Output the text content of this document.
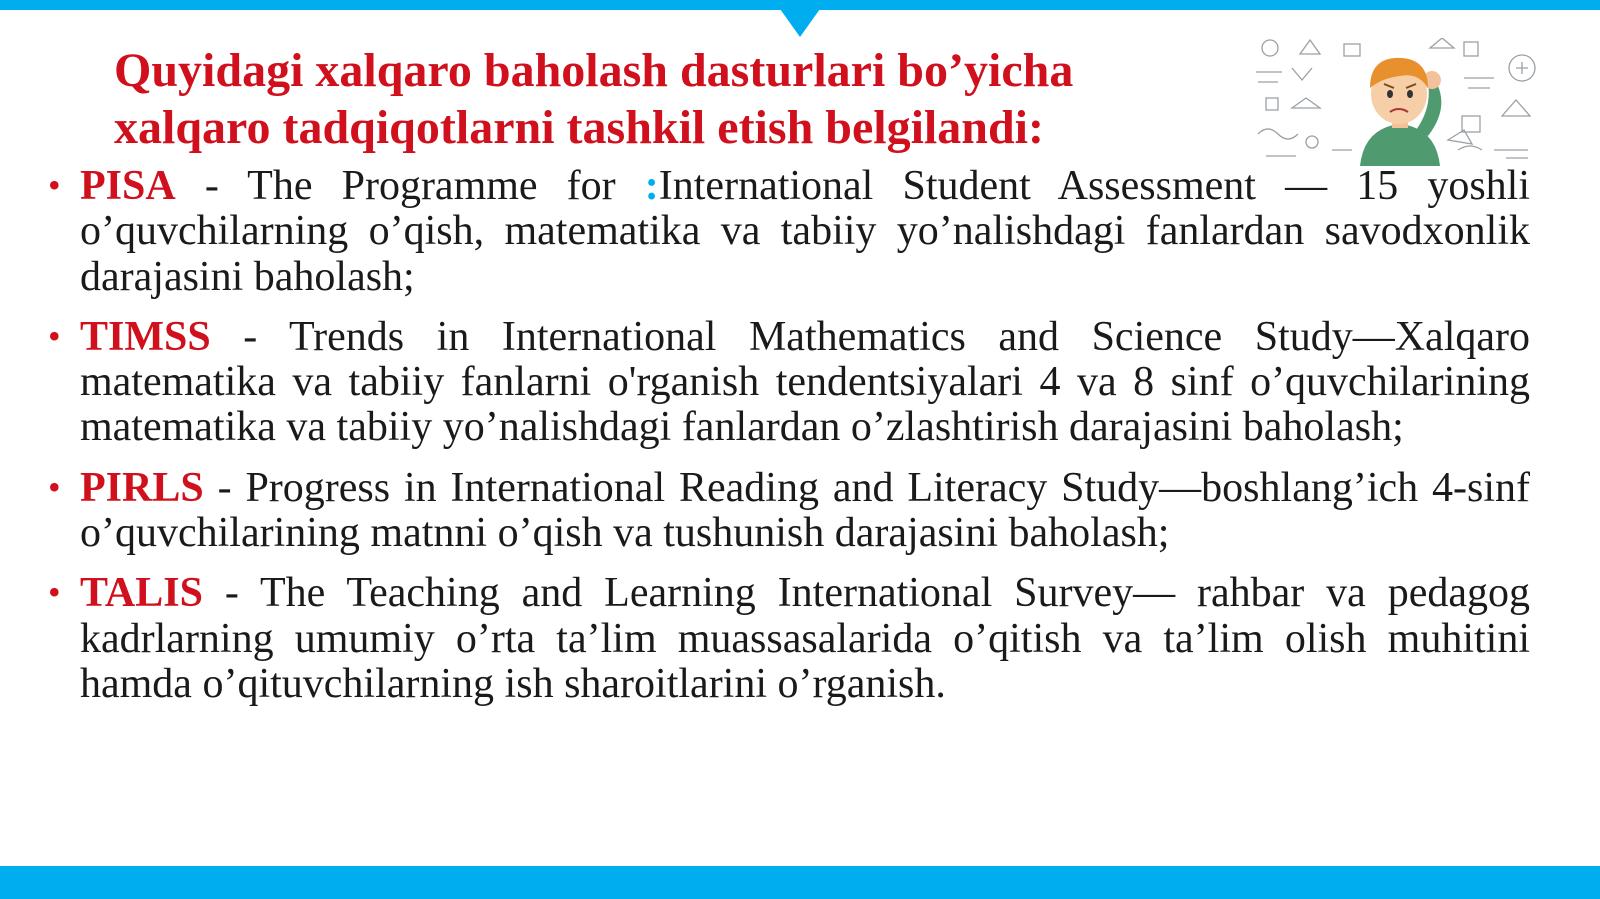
Quyidagi xalqaro baholash dasturlari bo’yicha
xalqaro tadqiqotlarni tashkil etish belgilandi:
• PISA - The Programme for :International Student Assessment — 15 yoshli o’quvchilarning o’qish, matematika va tabiiy yo’nalishdagi fanlardan savodxonlik darajasini baholash;
• TIMSS - Trends in International Mathematics and Science Study—Xalqaro matematika va tabiiy fanlarni o'rganish tendentsiyalari 4 va 8 sinf o’quvchilarining matematika va tabiiy yo’nalishdagi fanlardan o’zlashtirish darajasini baholash;
• PIRLS - Progress in International Reading and Literacy Study—boshlang’ich 4-sinf o’quvchilarining matnni o’qish va tushunish darajasini baholash;
• TALIS - The Teaching and Learning International Survey— rahbar va pedagog kadrlarning umumiy o’rta ta’lim muassasalarida o’qitish va ta’lim olish muhitini hamda o’qituvchilarning ish sharoitlarini o’rganish.
